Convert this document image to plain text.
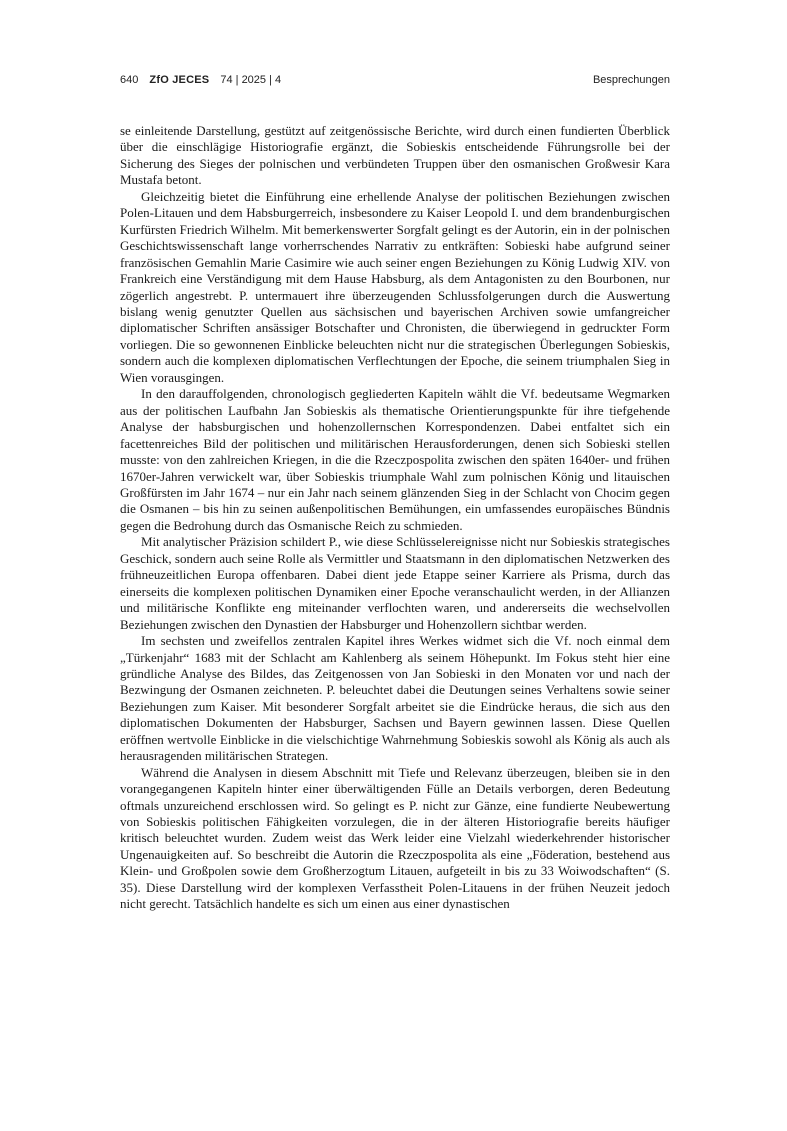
640 ZfO JECES 74 | 2025 | 4	Besprechungen

se einleitende Darstellung, gestützt auf zeitgenössische Berichte, wird durch einen fundierten Überblick über die einschlägige Historiografie ergänzt, die Sobieskis entscheidende Führungsrolle bei der Sicherung des Sieges der polnischen und verbündeten Truppen über den osmanischen Großwesir Kara Mustafa betont.

Gleichzeitig bietet die Einführung eine erhellende Analyse der politischen Beziehungen zwischen Polen-Litauen und dem Habsburgerreich, insbesondere zu Kaiser Leopold I. und dem brandenburgischen Kurfürsten Friedrich Wilhelm. Mit bemerkenswerter Sorgfalt gelingt es der Autorin, ein in der polnischen Geschichtswissenschaft lange vorherrschendes Narrativ zu entkräften: Sobieski habe aufgrund seiner französischen Gemahlin Marie Casimire wie auch seiner engen Beziehungen zu König Ludwig XIV. von Frankreich eine Verständigung mit dem Hause Habsburg, als dem Antagonisten zu den Bourbonen, nur zögerlich angestrebt. P. untermauert ihre überzeugenden Schlussfolgerungen durch die Auswertung bislang wenig genutzter Quellen aus sächsischen und bayerischen Archiven sowie umfangreicher diplomatischer Schriften ansässiger Botschafter und Chronisten, die überwiegend in gedruckter Form vorliegen. Die so gewonnenen Einblicke beleuchten nicht nur die strategischen Überlegungen Sobieskis, sondern auch die komplexen diplomatischen Verflechtungen der Epoche, die seinem triumphalen Sieg in Wien vorausgingen.

In den darauffolgenden, chronologisch gegliederten Kapiteln wählt die Vf. bedeutsame Wegmarken aus der politischen Laufbahn Jan Sobieskis als thematische Orientierungspunkte für ihre tiefgehende Analyse der habsburgischen und hohenzollernschen Korrespondenzen. Dabei entfaltet sich ein facettenreiches Bild der politischen und militärischen Herausforderungen, denen sich Sobieski stellen musste: von den zahlreichen Kriegen, in die die Rzeczpospolita zwischen den späten 1640er- und frühen 1670er-Jahren verwickelt war, über Sobieskis triumphale Wahl zum polnischen König und litauischen Großfürsten im Jahr 1674 – nur ein Jahr nach seinem glänzenden Sieg in der Schlacht von Chocim gegen die Osmanen – bis hin zu seinen außenpolitischen Bemühungen, ein umfassendes europäisches Bündnis gegen die Bedrohung durch das Osmanische Reich zu schmieden.

Mit analytischer Präzision schildert P., wie diese Schlüsselereignisse nicht nur Sobieskis strategisches Geschick, sondern auch seine Rolle als Vermittler und Staatsmann in den diplomatischen Netzwerken des frühneuzeitlichen Europa offenbaren. Dabei dient jede Etappe seiner Karriere als Prisma, durch das einerseits die komplexen politischen Dynamiken einer Epoche veranschaulicht werden, in der Allianzen und militärische Konflikte eng miteinander verflochten waren, und andererseits die wechselvollen Beziehungen zwischen den Dynastien der Habsburger und Hohenzollern sichtbar werden.

Im sechsten und zweifellos zentralen Kapitel ihres Werkes widmet sich die Vf. noch einmal dem „Türkenjahr“ 1683 mit der Schlacht am Kahlenberg als seinem Höhepunkt. Im Fokus steht hier eine gründliche Analyse des Bildes, das Zeitgenossen von Jan Sobieski in den Monaten vor und nach der Bezwingung der Osmanen zeichneten. P. beleuchtet dabei die Deutungen seines Verhaltens sowie seiner Beziehungen zum Kaiser. Mit besonderer Sorgfalt arbeitet sie die Eindrücke heraus, die sich aus den diplomatischen Dokumenten der Habsburger, Sachsen und Bayern gewinnen lassen. Diese Quellen eröffnen wertvolle Einblicke in die vielschichtige Wahrnehmung Sobieskis sowohl als König als auch als herausragenden militärischen Strategen.

Während die Analysen in diesem Abschnitt mit Tiefe und Relevanz überzeugen, bleiben sie in den vorangegangenen Kapiteln hinter einer überwältigenden Fülle an Details verborgen, deren Bedeutung oftmals unzureichend erschlossen wird. So gelingt es P. nicht zur Gänze, eine fundierte Neubewertung von Sobieskis politischen Fähigkeiten vorzulegen, die in der älteren Historiografie bereits häufiger kritisch beleuchtet wurden. Zudem weist das Werk leider eine Vielzahl wiederkehrender historischer Ungenauigkeiten auf. So beschreibt die Autorin die Rzeczpospolita als eine „Föderation, bestehend aus Klein- und Großpolen sowie dem Großherzogtum Litauen, aufgeteilt in bis zu 33 Woiwodschaften“ (S. 35). Diese Darstellung wird der komplexen Verfasstheit Polen-Litauens in der frühen Neuzeit jedoch nicht gerecht. Tatsächlich handelte es sich um einen aus einer dynastischen
